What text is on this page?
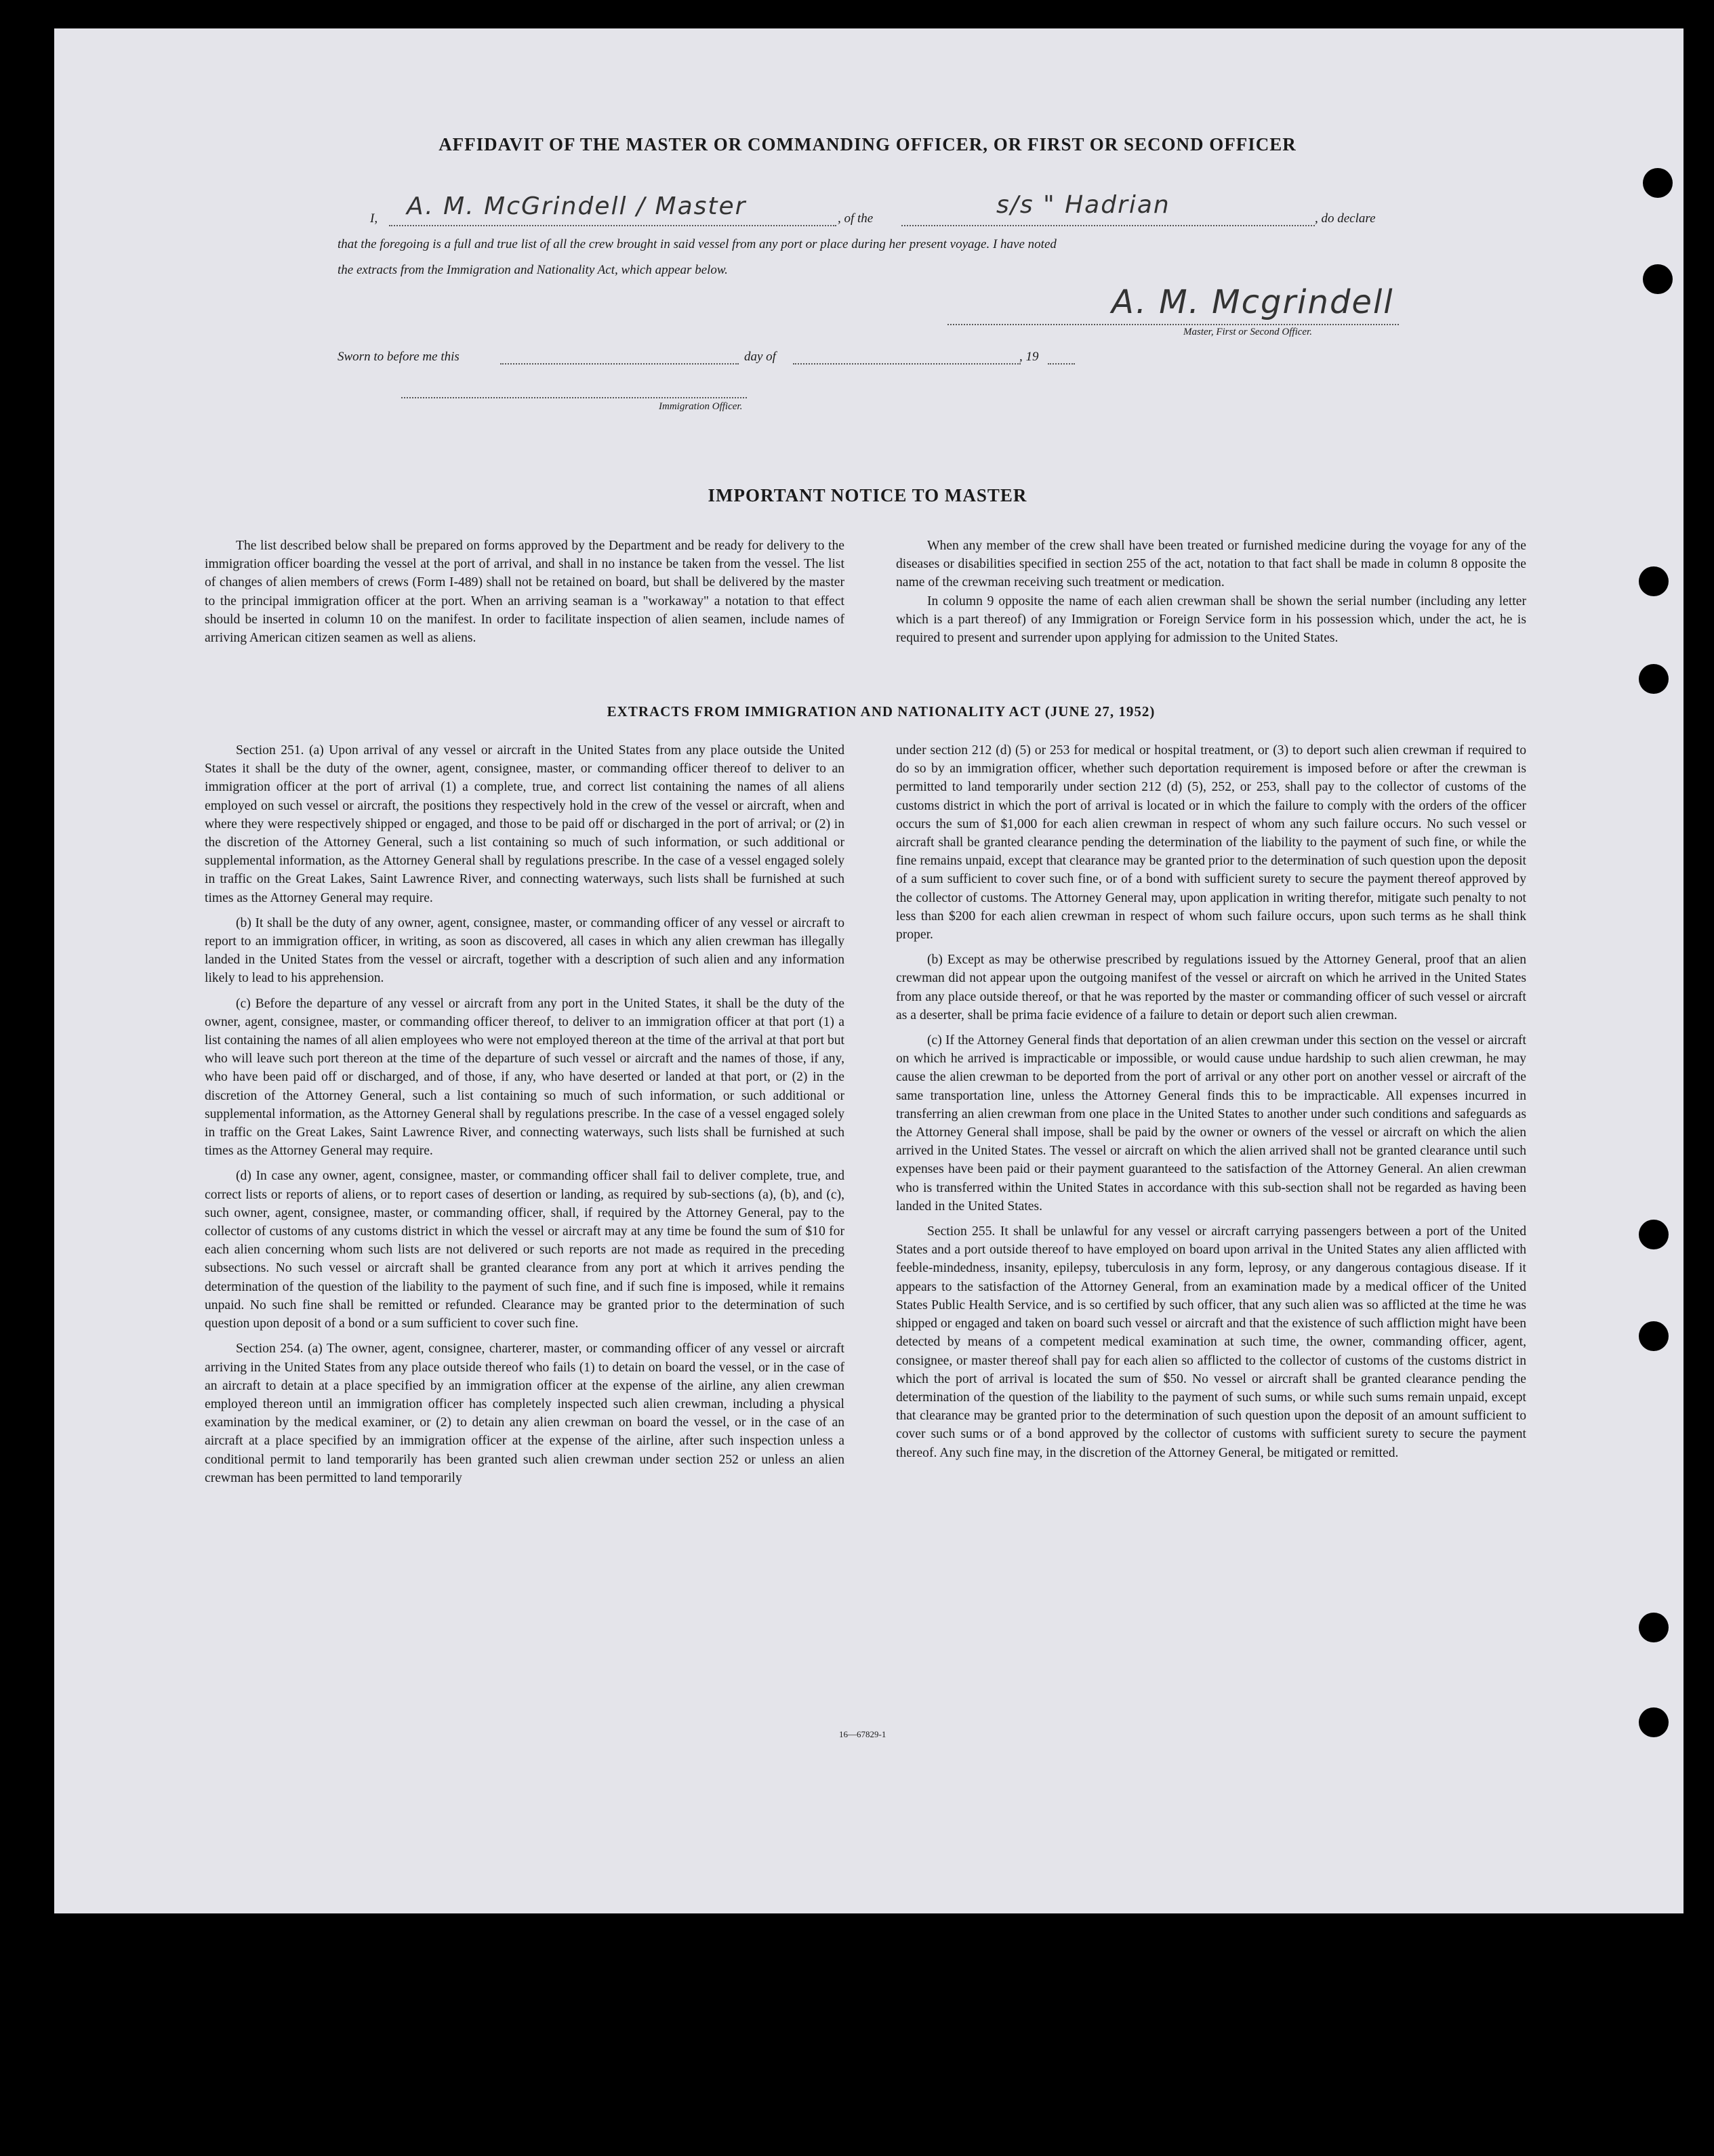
AFFIDAVIT OF THE MASTER OR COMMANDING OFFICER, OR FIRST OR SECOND OFFICER
I, A. M. McGrindell / Master	, of the	s/s " Hadrian	, do declare
that the foregoing is a full and true list of all the crew brought in said vessel from any port or place during her present voyage. I have noted
the extracts from the Immigration and Nationality Act, which appear below.
A. M. Mcgrindell
Master, First or Second Officer.
Sworn to before me this	day of	, 19
Immigration Officer.
IMPORTANT NOTICE TO MASTER

The list described below shall be prepared on forms approved by the Department and be ready for delivery to the immigration officer boarding the vessel at the port of arrival, and shall in no instance be taken from the vessel. The list of changes of alien members of crews (Form I-489) shall not be retained on board, but shall be delivered by the master to the principal immigration officer at the port. When an arriving seaman is a "workaway" a notation to that effect should be inserted in column 10 on the manifest. In order to facilitate inspection of alien seamen, include names of arriving American citizen seamen as well as aliens.

When any member of the crew shall have been treated or furnished medicine during the voyage for any of the diseases or disabilities specified in section 255 of the act, notation to that fact shall be made in column 8 opposite the name of the crewman receiving such treatment or medication.

In column 9 opposite the name of each alien crewman shall be shown the serial number (including any letter which is a part thereof) of any Immigration or Foreign Service form in his possession which, under the act, he is required to present and surrender upon applying for admission to the United States.

EXTRACTS FROM IMMIGRATION AND NATIONALITY ACT (JUNE 27, 1952)

Section 251. (a) Upon arrival of any vessel or aircraft in the United States from any place outside the United States it shall be the duty of the owner, agent, consignee, master, or commanding officer thereof to deliver to an immigration officer at the port of arrival (1) a complete, true, and correct list containing the names of all aliens employed on such vessel or aircraft, the positions they respectively hold in the crew of the vessel or aircraft, when and where they were respectively shipped or engaged, and those to be paid off or discharged in the port of arrival; or (2) in the discretion of the Attorney General, such a list containing so much of such information, or such additional or supplemental information, as the Attorney General shall by regulations prescribe. In the case of a vessel engaged solely in traffic on the Great Lakes, Saint Lawrence River, and connecting waterways, such lists shall be furnished at such times as the Attorney General may require.

(b) It shall be the duty of any owner, agent, consignee, master, or commanding officer of any vessel or aircraft to report to an immigration officer, in writing, as soon as discovered, all cases in which any alien crewman has illegally landed in the United States from the vessel or aircraft, together with a description of such alien and any information likely to lead to his apprehension.

(c) Before the departure of any vessel or aircraft from any port in the United States, it shall be the duty of the owner, agent, consignee, master, or commanding officer thereof, to deliver to an immigration officer at that port (1) a list containing the names of all alien employees who were not employed thereon at the time of the arrival at that port but who will leave such port thereon at the time of the departure of such vessel or aircraft and the names of those, if any, who have been paid off or discharged, and of those, if any, who have deserted or landed at that port, or (2) in the discretion of the Attorney General, such a list containing so much of such information, or such additional or supplemental information, as the Attorney General shall by regulations prescribe. In the case of a vessel engaged solely in traffic on the Great Lakes, Saint Lawrence River, and connecting waterways, such lists shall be furnished at such times as the Attorney General may require.

(d) In case any owner, agent, consignee, master, or commanding officer shall fail to deliver complete, true, and correct lists or reports of aliens, or to report cases of desertion or landing, as required by sub-sections (a), (b), and (c), such owner, agent, consignee, master, or commanding officer, shall, if required by the Attorney General, pay to the collector of customs of any customs district in which the vessel or aircraft may at any time be found the sum of $10 for each alien concerning whom such lists are not delivered or such reports are not made as required in the preceding subsections. No such vessel or aircraft shall be granted clearance from any port at which it arrives pending the determination of the question of the liability to the payment of such fine, and if such fine is imposed, while it remains unpaid. No such fine shall be remitted or refunded. Clearance may be granted prior to the determination of such question upon deposit of a bond or a sum sufficient to cover such fine.

Section 254. (a) The owner, agent, consignee, charterer, master, or commanding officer of any vessel or aircraft arriving in the United States from any place outside thereof who fails (1) to detain on board the vessel, or in the case of an aircraft to detain at a place specified by an immigration officer at the expense of the airline, any alien crewman employed thereon until an immigration officer has completely inspected such alien crewman, including a physical examination by the medical examiner, or (2) to detain any alien crewman on board the vessel, or in the case of an aircraft at a place specified by an immigration officer at the expense of the airline, after such inspection unless a conditional permit to land temporarily has been granted such alien crewman under section 252 or unless an alien crewman has been permitted to land temporarily

under section 212 (d) (5) or 253 for medical or hospital treatment, or (3) to deport such alien crewman if required to do so by an immigration officer, whether such deportation requirement is imposed before or after the crewman is permitted to land temporarily under section 212 (d) (5), 252, or 253, shall pay to the collector of customs of the customs district in which the port of arrival is located or in which the failure to comply with the orders of the officer occurs the sum of $1,000 for each alien crewman in respect of whom any such failure occurs. No such vessel or aircraft shall be granted clearance pending the determination of the liability to the payment of such fine, or while the fine remains unpaid, except that clearance may be granted prior to the determination of such question upon the deposit of a sum sufficient to cover such fine, or of a bond with sufficient surety to secure the payment thereof approved by the collector of customs. The Attorney General may, upon application in writing therefor, mitigate such penalty to not less than $200 for each alien crewman in respect of whom such failure occurs, upon such terms as he shall think proper.

(b) Except as may be otherwise prescribed by regulations issued by the Attorney General, proof that an alien crewman did not appear upon the outgoing manifest of the vessel or aircraft on which he arrived in the United States from any place outside thereof, or that he was reported by the master or commanding officer of such vessel or aircraft as a deserter, shall be prima facie evidence of a failure to detain or deport such alien crewman.

(c) If the Attorney General finds that deportation of an alien crewman under this section on the vessel or aircraft on which he arrived is impracticable or impossible, or would cause undue hardship to such alien crewman, he may cause the alien crewman to be deported from the port of arrival or any other port on another vessel or aircraft of the same transportation line, unless the Attorney General finds this to be impracticable. All expenses incurred in transferring an alien crewman from one place in the United States to another under such conditions and safeguards as the Attorney General shall impose, shall be paid by the owner or owners of the vessel or aircraft on which the alien arrived in the United States. The vessel or aircraft on which the alien arrived shall not be granted clearance until such expenses have been paid or their payment guaranteed to the satisfaction of the Attorney General. An alien crewman who is transferred within the United States in accordance with this sub-section shall not be regarded as having been landed in the United States.

Section 255. It shall be unlawful for any vessel or aircraft carrying passengers between a port of the United States and a port outside thereof to have employed on board upon arrival in the United States any alien afflicted with feeble-mindedness, insanity, epilepsy, tuberculosis in any form, leprosy, or any dangerous contagious disease. If it appears to the satisfaction of the Attorney General, from an examination made by a medical officer of the United States Public Health Service, and is so certified by such officer, that any such alien was so afflicted at the time he was shipped or engaged and taken on board such vessel or aircraft and that the existence of such affliction might have been detected by means of a competent medical examination at such time, the owner, commanding officer, agent, consignee, or master thereof shall pay for each alien so afflicted to the collector of customs of the customs district in which the port of arrival is located the sum of $50. No vessel or aircraft shall be granted clearance pending the determination of the question of the liability to the payment of such sums, or while such sums remain unpaid, except that clearance may be granted prior to the determination of such question upon the deposit of an amount sufficient to cover such sums or of a bond approved by the collector of customs with sufficient surety to secure the payment thereof. Any such fine may, in the discretion of the Attorney General, be mitigated or remitted.

16—67829-1
